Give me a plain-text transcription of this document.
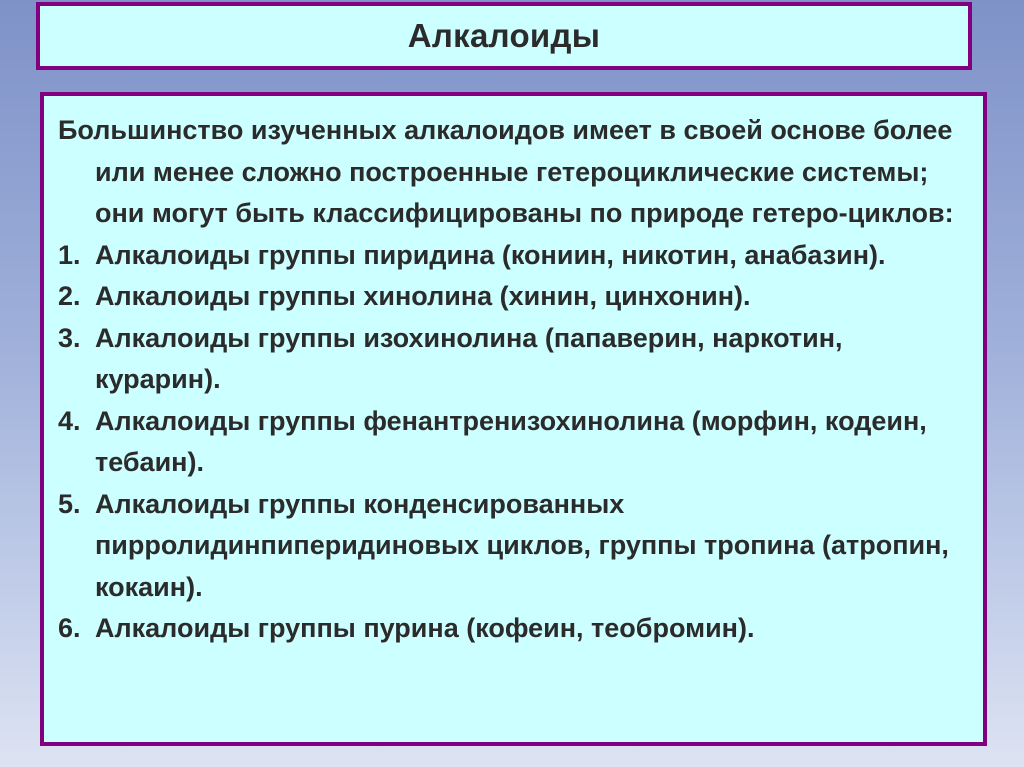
Алкалоиды

Большинство изученных алкалоидов имеет в своей основе более или менее сложно построенные гетероциклические системы; они могут быть классифицированы по природе гетеро-циклов:

1. Алкалоиды группы пиридина (кониин, никотин, анабазин).
2. Алкалоиды группы хинолина (хинин, цинхонин).
3. Алкалоиды группы изохинолина (папаверин, наркотин, курарин).
4. Алкалоиды группы фенантренизохинолина (морфин, кодеин, тебаин).
5. Алкалоиды группы конденсированных пирролидинпиперидиновых циклов, группы тропина (атропин, кокаин).
6. Алкалоиды группы пурина (кофеин, теобромин).
